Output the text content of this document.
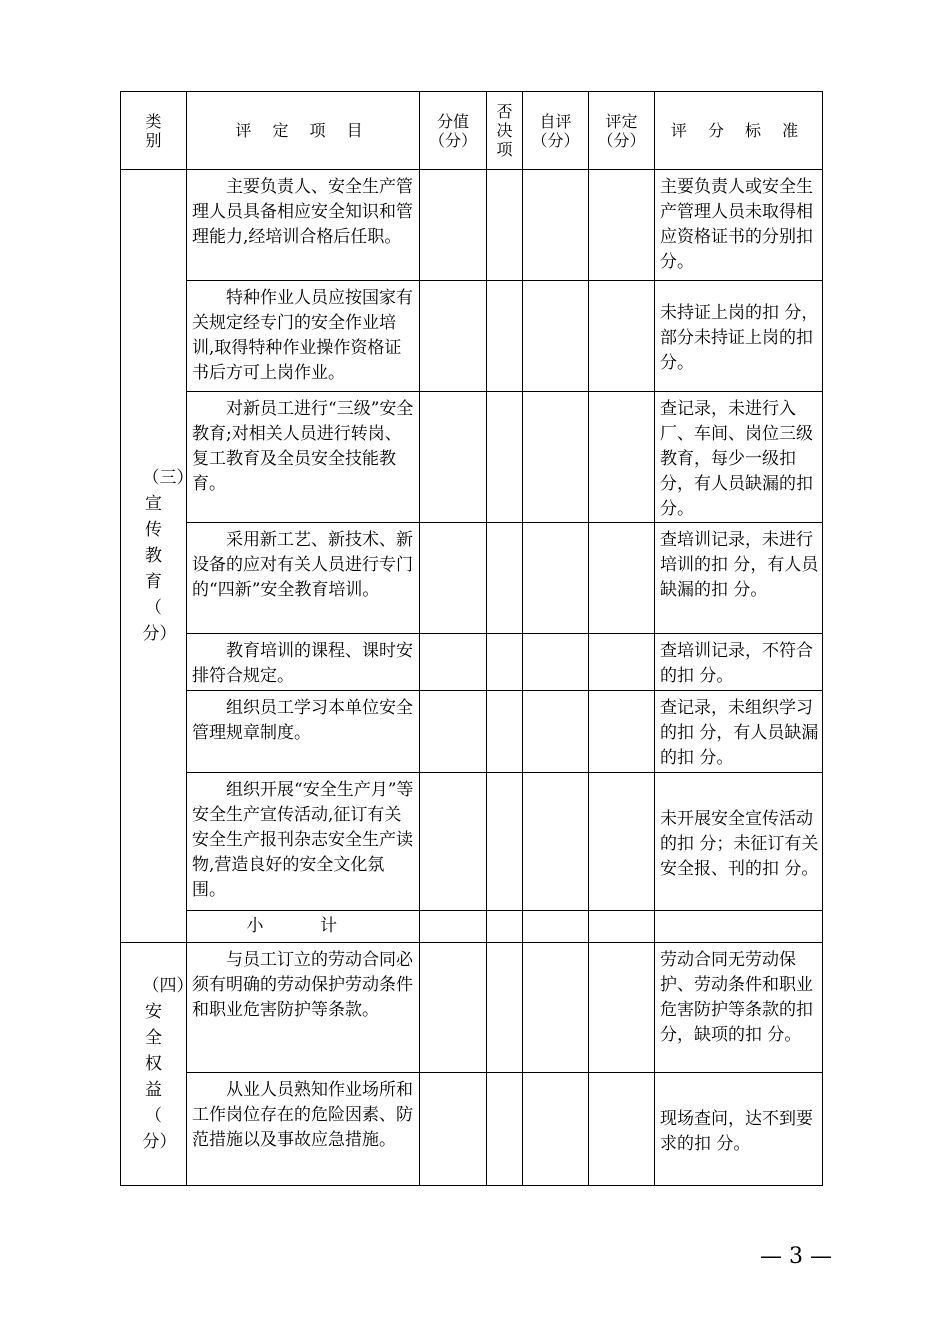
类别	评 定 项 目	分值（分）	否决项	自评（分）	评定（分）	评 分 标 准
（三）宣传教育（ 分）	主要负责人、安全生产管理人员具备相应安全知识和管理能力,经培训合格后任职。					主要负责人或安全生产管理人员未取得相应资格证书的分别扣 分。
	特种作业人员应按国家有关规定经专门的安全作业培训,取得特种作业操作资格证书后方可上岗作业。					未持证上岗的扣 分，部分未持证上岗的扣 分。
	对新员工进行“三级”安全教育;对相关人员进行转岗、复工教育及全员安全技能教育。					查记录，未进行入厂、车间、岗位三级教育，每少一级扣 分，有人员缺漏的扣 分。
	采用新工艺、新技术、新设备的应对有关人员进行专门的“四新”安全教育培训。					查培训记录，未进行培训的扣 分，有人员缺漏的扣 分。
	教育培训的课程、课时安排符合规定。					查培训记录，不符合的扣 分。
	组织员工学习本单位安全管理规章制度。					查记录，未组织学习的扣 分，有人员缺漏的扣 分。
	组织开展“安全生产月”等安全生产宣传活动,征订有关安全生产报刊杂志安全生产读物,营造良好的安全文化氛围。					未开展安全宣传活动的扣 分；未征订有关安全报、刊的扣 分。
	小 计					
（四）安全权益（ 分）	与员工订立的劳动合同必须有明确的劳动保护劳动条件和职业危害防护等条款。					劳动合同无劳动保护、劳动条件和职业危害防护等条款的扣 分，缺项的扣 分。
	从业人员熟知作业场所和工作岗位存在的危险因素、防范措施以及事故应急措施。					现场查问，达不到要求的扣 分。
— 3 —
